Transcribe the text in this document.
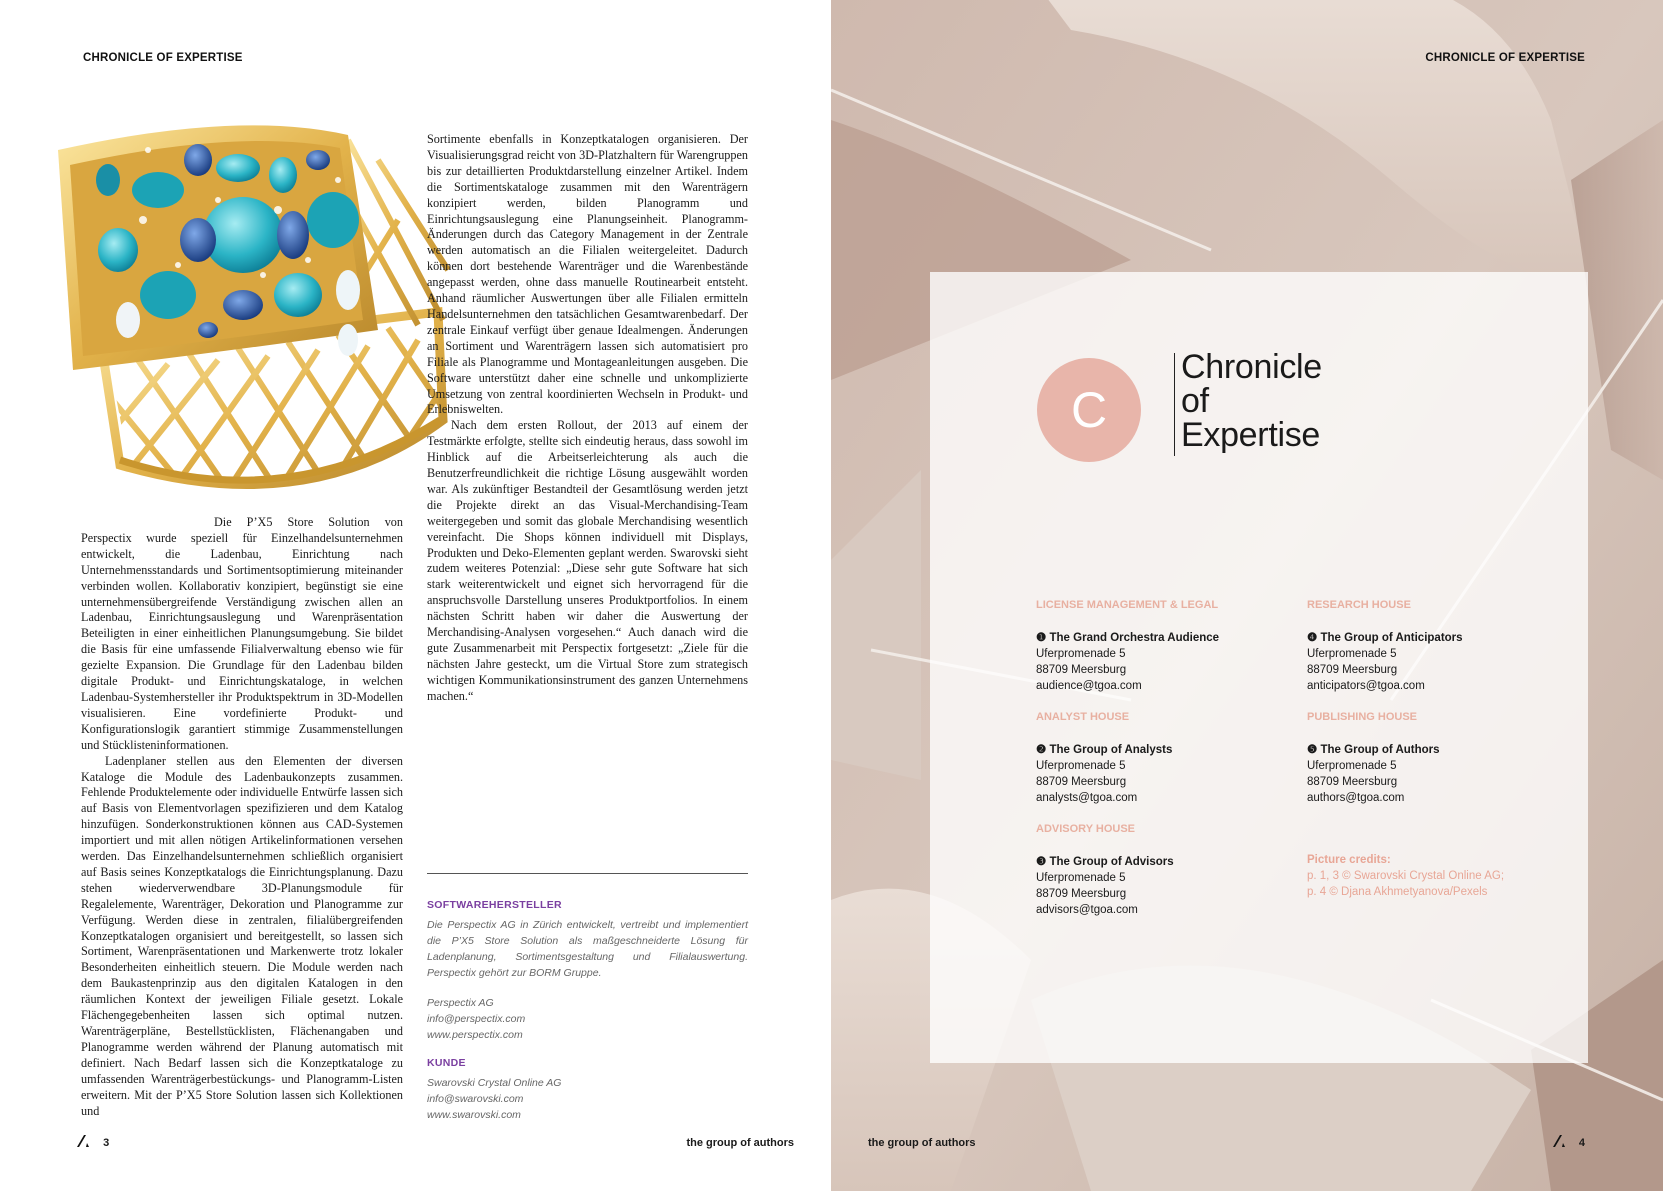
CHRONICLE OF EXPERTISE

Die P’X5 Store Solution von Perspectix wurde speziell für Einzelhandelsunternehmen entwickelt, die Ladenbau, Einrichtung nach Unternehmensstandards und Sortimentsoptimierung miteinander verbinden wollen. Kollaborativ konzipiert, begünstigt sie eine unternehmensübergreifende Verständigung zwischen allen an Ladenbau, Einrichtungsauslegung und Warenpräsentation Beteiligten in einer einheitlichen Planungsumgebung. Sie bildet die Basis für eine umfassende Filialverwaltung ebenso wie für gezielte Expansion. Die Grundlage für den Ladenbau bilden digitale Produkt- und Einrichtungskataloge, in welchen Ladenbau-Systemhersteller ihr Produktspektrum in 3D-Modellen visualisieren. Eine vordefinierte Produkt- und Konfigurationslogik garantiert stimmige Zusammenstellungen und Stücklisteninformationen.

Ladenplaner stellen aus den Elementen der diversen Kataloge die Module des Ladenbaukonzepts zusammen. Fehlende Produktelemente oder individuelle Entwürfe lassen sich auf Basis von Elementvorlagen spezifizieren und dem Katalog hinzufügen. Sonderkonstruktionen können aus CAD-Systemen importiert und mit allen nötigen Artikelinformationen versehen werden. Das Einzelhandelsunternehmen schließlich organisiert auf Basis seines Konzeptkatalogs die Einrichtungsplanung. Dazu stehen wiederverwendbare 3D-Planungsmodule für Regalelemente, Warenträger, Dekoration und Planogramme zur Verfügung. Werden diese in zentralen, filialübergreifenden Konzeptkatalogen organisiert und bereitgestellt, so lassen sich Sortiment, Warenpräsentationen und Markenwerte trotz lokaler Besonderheiten einheitlich steuern. Die Module werden nach dem Baukastenprinzip aus den digitalen Katalogen in den räumlichen Kontext der jeweiligen Filiale gesetzt. Lokale Flächengegebenheiten lassen sich optimal nutzen. Warenträgerpläne, Bestellstücklisten, Flächenangaben und Planogramme werden während der Planung automatisch mit definiert. Nach Bedarf lassen sich die Konzeptkataloge zu umfassenden Warenträgerbestückungs- und Planogramm-Listen erweitern. Mit der P’X5 Store Solution lassen sich Kollektionen und

Sortimente ebenfalls in Konzeptkatalogen organisieren. Der Visualisierungsgrad reicht von 3D-Platzhaltern für Warengruppen bis zur detaillierten Produktdarstellung einzelner Artikel. Indem die Sortimentskataloge zusammen mit den Warenträgern konzipiert werden, bilden Planogramm und Einrichtungsauslegung eine Planungseinheit. Planogramm-Änderungen durch das Category Management in der Zentrale werden automatisch an die Filialen weitergeleitet. Dadurch können dort bestehende Warenträger und die Warenbestände angepasst werden, ohne dass manuelle Routinearbeit entsteht. Anhand räumlicher Auswertungen über alle Filialen ermitteln Handelsunternehmen den tatsächlichen Gesamtwarenbedarf. Der zentrale Einkauf verfügt über genaue Idealmengen. Änderungen an Sortiment und Warenträgern lassen sich automatisiert pro Filiale als Planogramme und Montageanleitungen ausgeben. Die Software unterstützt daher eine schnelle und unkomplizierte Umsetzung von zentral koordinierten Wechseln in Produkt- und Erlebniswelten.

Nach dem ersten Rollout, der 2013 auf einem der Testmärkte erfolgte, stellte sich eindeutig heraus, dass sowohl im Hinblick auf die Arbeitserleichterung als auch die Benutzerfreundlichkeit die richtige Lösung ausgewählt worden war. Als zukünftiger Bestandteil der Gesamtlösung werden jetzt die Projekte direkt an das Visual-Merchandising-Team weitergegeben und somit das globale Merchandising wesentlich vereinfacht. Die Shops können individuell mit Displays, Produkten und Deko-Elementen geplant werden. Swarovski sieht zudem weiteres Potenzial: „Diese sehr gute Software hat sich stark weiterentwickelt und eignet sich hervorragend für die anspruchsvolle Darstellung unseres Produktportfolios. In einem nächsten Schritt haben wir daher die Auswertung der Merchandising-Analysen vorgesehen.“ Auch danach wird die gute Zusammenarbeit mit Perspectix fortgesetzt: „Ziele für die nächsten Jahre gesteckt, um die Virtual Store zum strategisch wichtigen Kommunikationsinstrument des ganzen Unternehmens machen.“

SOFTWAREHERSTELLER

Die Perspectix AG in Zürich entwickelt, vertreibt und implementiert die P’X5 Store Solution als maßgeschneiderte Lösung für Ladenplanung, Sortimentsgestaltung und Filialauswertung. Perspectix gehört zur BORM Gruppe.

Perspectix AG
info@perspectix.com
www.perspectix.com

KUNDE

Swarovski Crystal Online AG
info@swarovski.com
www.swarovski.com
3	the group of authors
CHRONICLE OF EXPERTISE
C
Chronicle
of
Expertise
LICENSE MANAGEMENT & LEGAL
❶ The Grand Orchestra Audience
Uferpromenade 5
88709 Meersburg
audience@tgoa.com
ANALYST HOUSE
❷ The Group of Analysts
Uferpromenade 5
88709 Meersburg
analysts@tgoa.com
ADVISORY HOUSE
❸ The Group of Advisors
Uferpromenade 5
88709 Meersburg
advisors@tgoa.com
RESEARCH HOUSE
❹ The Group of Anticipators
Uferpromenade 5
88709 Meersburg
anticipators@tgoa.com
PUBLISHING HOUSE
❺ The Group of Authors
Uferpromenade 5
88709 Meersburg
authors@tgoa.com
Picture credits:
p. 1, 3 © Swarovski Crystal Online AG;
p. 4 © Djana Akhmetyanova/Pexels
the group of authors	4
